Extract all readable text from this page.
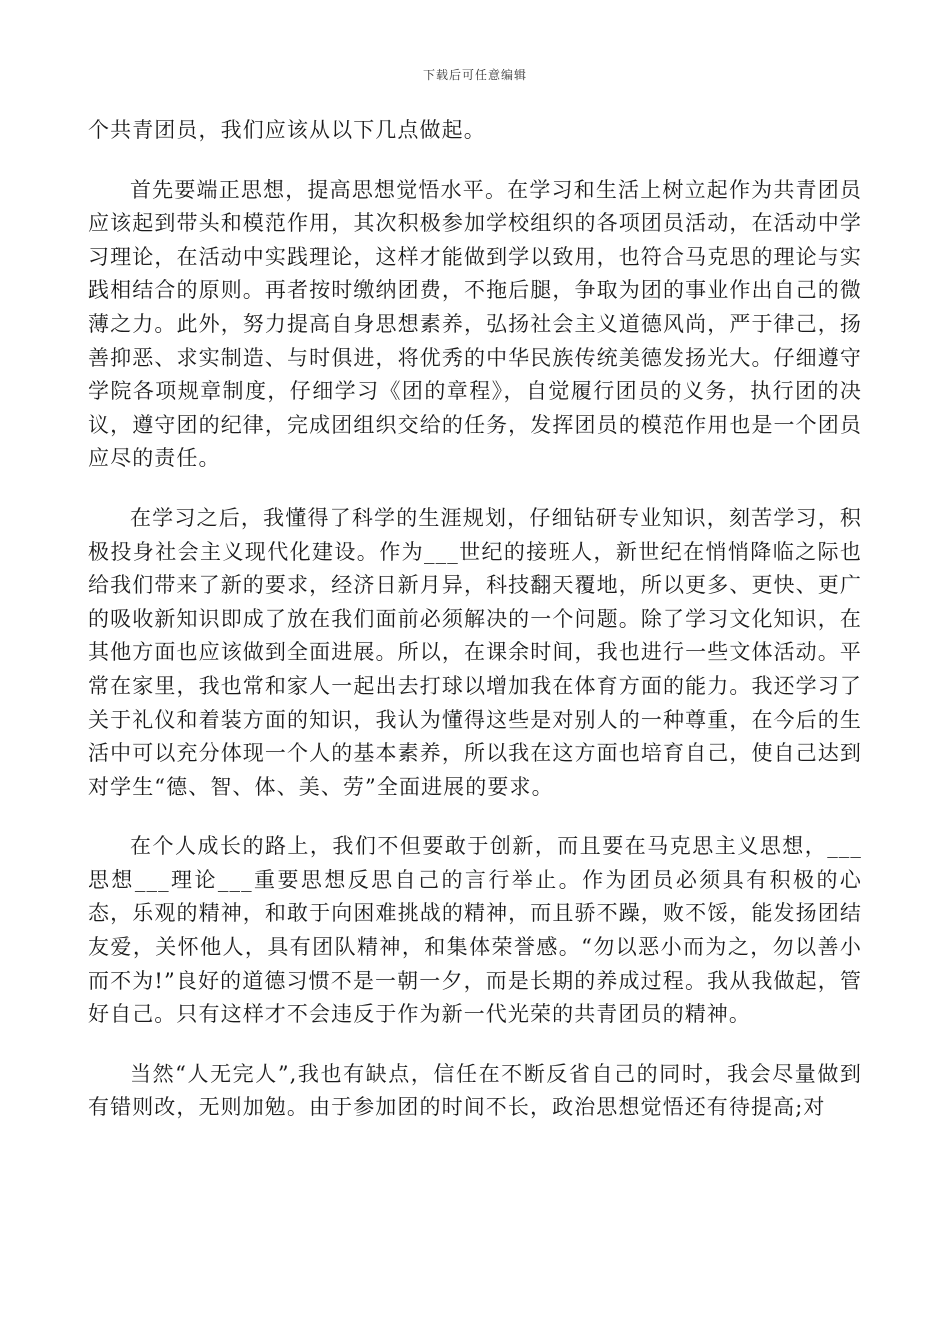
下载后可任意编辑

个共青团员，我们应该从以下几点做起。

首先要端正思想，提高思想觉悟水平。在学习和生活上树立起作为共青团员应该起到带头和模范作用，其次积极参加学校组织的各项团员活动，在活动中学习理论，在活动中实践理论，这样才能做到学以致用，也符合马克思的理论与实践相结合的原则。再者按时缴纳团费，不拖后腿，争取为团的事业作出自己的微薄之力。此外，努力提高自身思想素养，弘扬社会主义道德风尚，严于律己，扬善抑恶、求实制造、与时俱进，将优秀的中华民族传统美德发扬光大。仔细遵守学院各项规章制度，仔细学习《团的章程》，自觉履行团员的义务，执行团的决议，遵守团的纪律，完成团组织交给的任务，发挥团员的模范作用也是一个团员应尽的责任。

在学习之后，我懂得了科学的生涯规划，仔细钻研专业知识，刻苦学习，积极投身社会主义现代化建设。作为___世纪的接班人，新世纪在悄悄降临之际也给我们带来了新的要求，经济日新月异，科技翻天覆地，所以更多、更快、更广的吸收新知识即成了放在我们面前必须解决的一个问题。除了学习文化知识，在其他方面也应该做到全面进展。所以，在课余时间，我也进行一些文体活动。平常在家里，我也常和家人一起出去打球以增加我在体育方面的能力。我还学习了关于礼仪和着装方面的知识，我认为懂得这些是对别人的一种尊重，在今后的生活中可以充分体现一个人的基本素养，所以我在这方面也培育自己，使自己达到对学生“德、智、体、美、劳”全面进展的要求。

在个人成长的路上，我们不但要敢于创新，而且要在马克思主义思想，___思想___理论___重要思想反思自己的言行举止。作为团员必须具有积极的心态，乐观的精神，和敢于向困难挑战的精神，而且骄不躁，败不馁，能发扬团结友爱，关怀他人，具有团队精神，和集体荣誉感。“勿以恶小而为之，勿以善小而不为!”良好的道德习惯不是一朝一夕，而是长期的养成过程。我从我做起，管好自己。只有这样才不会违反于作为新一代光荣的共青团员的精神。

当然“人无完人”,我也有缺点，信任在不断反省自己的同时，我会尽量做到有错则改，无则加勉。由于参加团的时间不长，政治思想觉悟还有待提高;对
